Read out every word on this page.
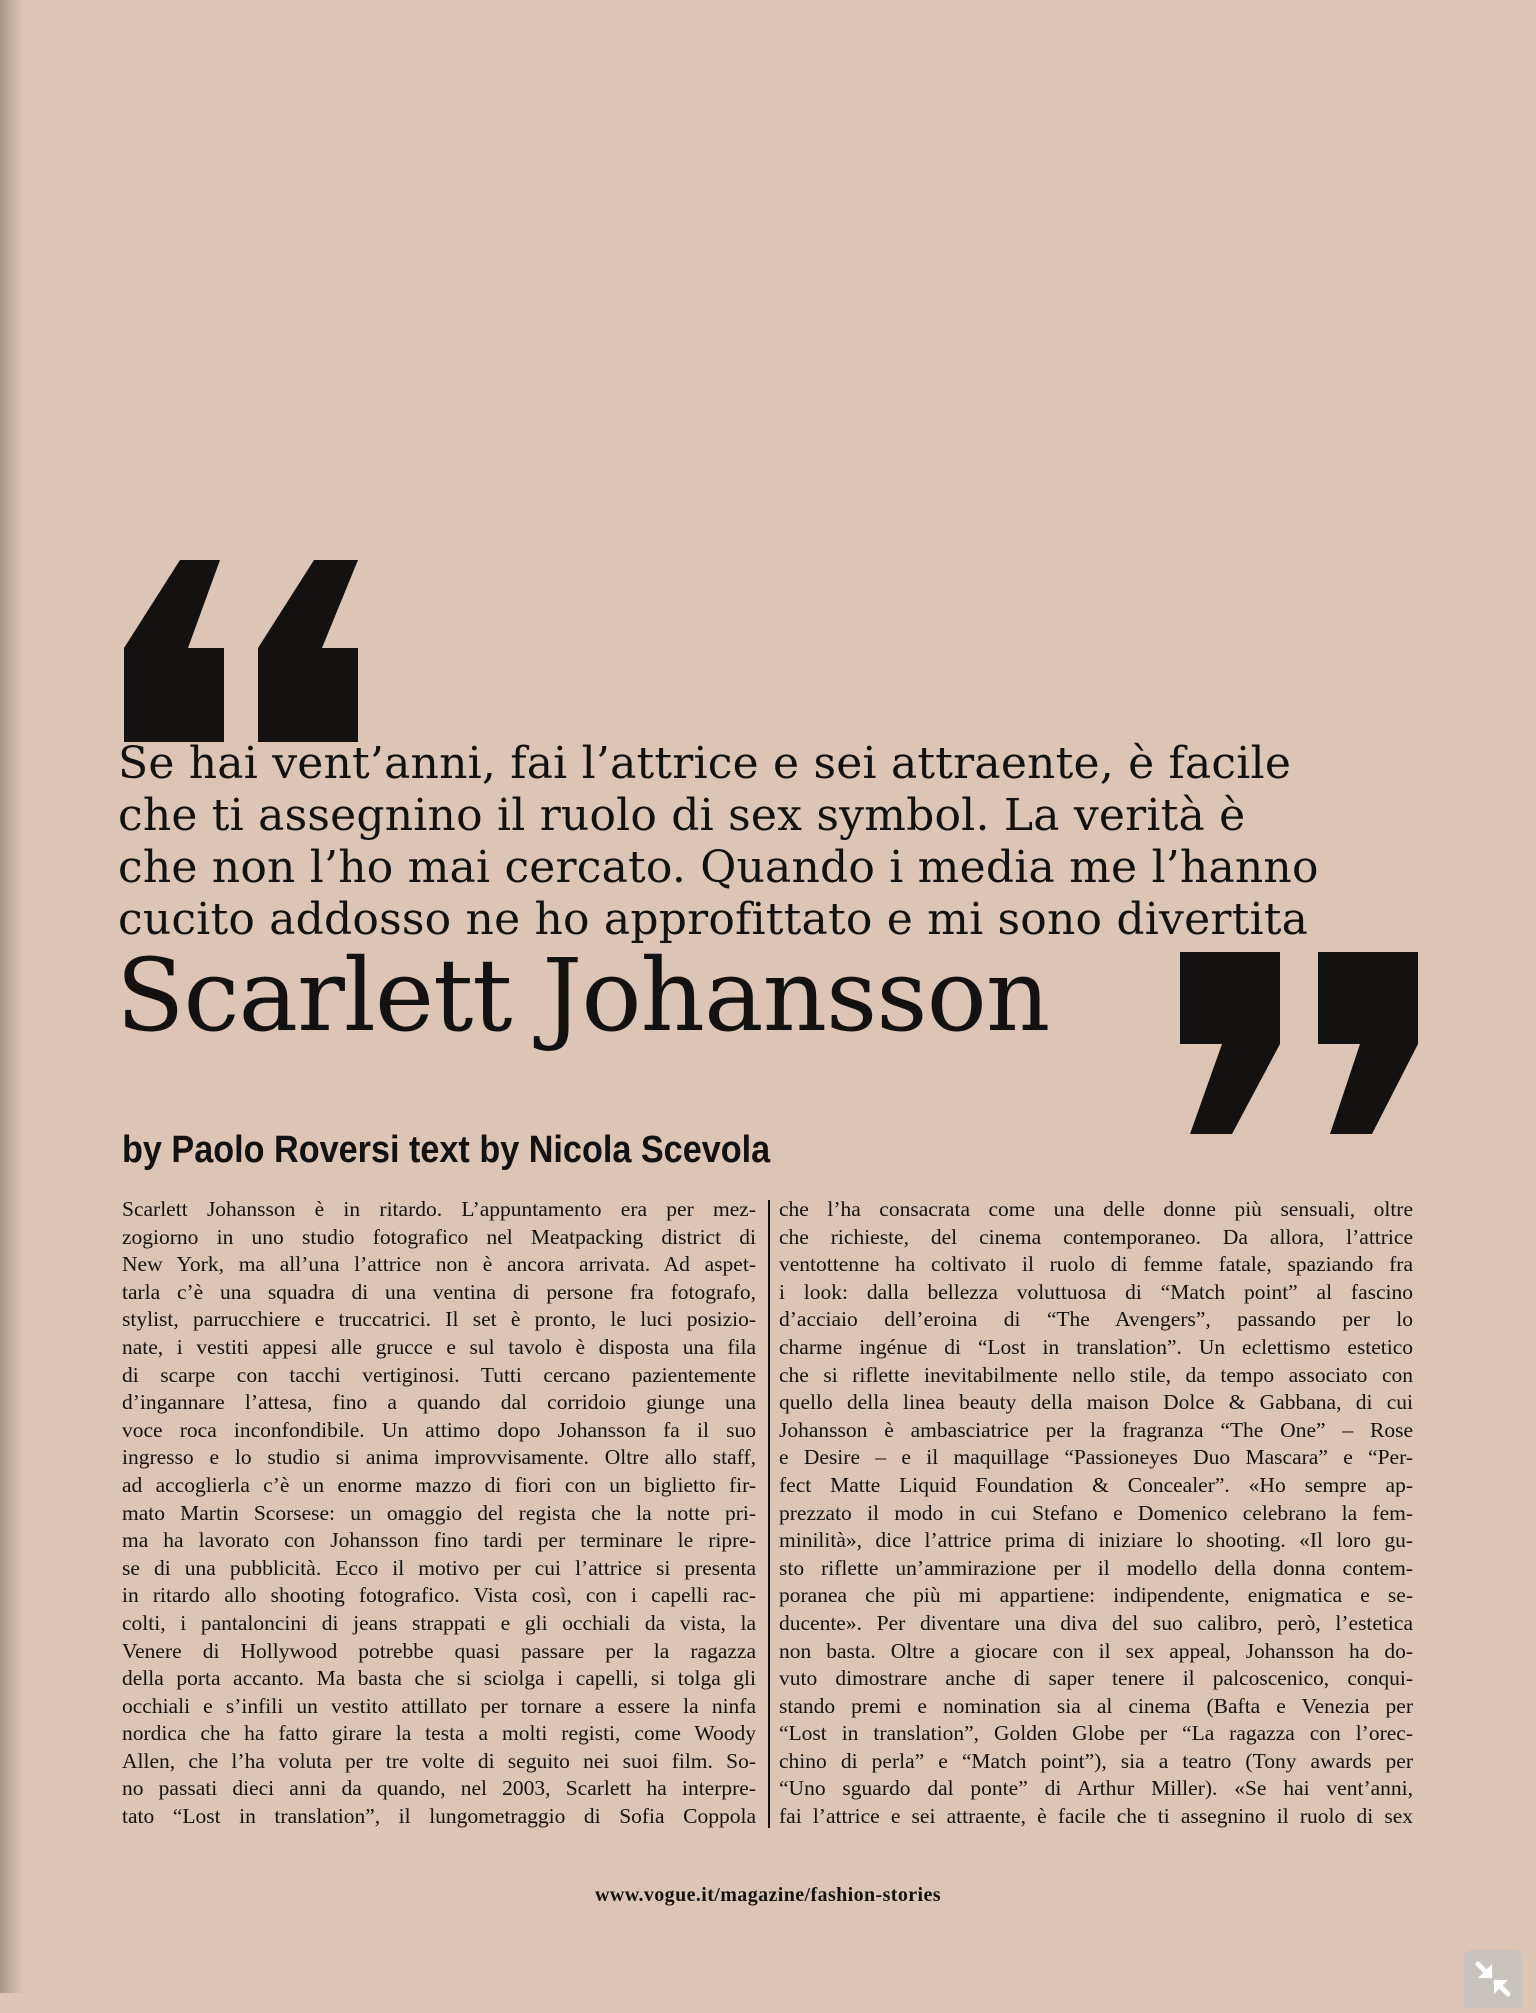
Se hai vent’anni, fai l’attrice e sei attraente, è facile
che ti assegnino il ruolo di sex symbol. La verità è
che non l’ho mai cercato. Quando i media me l’hanno
cucito addosso ne ho approfittato e mi sono divertita
Scarlett Johansson
by Paolo Roversi text by Nicola Scevola
Scarlett Johansson è in ritardo. L’appuntamento era per mez-
zogiorno in uno studio fotografico nel Meatpacking district di
New York, ma all’una l’attrice non è ancora arrivata. Ad aspet-
tarla c’è una squadra di una ventina di persone fra fotografo,
stylist, parrucchiere e truccatrici. Il set è pronto, le luci posizio-
nate, i vestiti appesi alle grucce e sul tavolo è disposta una fila
di scarpe con tacchi vertiginosi. Tutti cercano pazientemente
d’ingannare l’attesa, fino a quando dal corridoio giunge una
voce roca inconfondibile. Un attimo dopo Johansson fa il suo
ingresso e lo studio si anima improvvisamente. Oltre allo staff,
ad accoglierla c’è un enorme mazzo di fiori con un biglietto fir-
mato Martin Scorsese: un omaggio del regista che la notte pri-
ma ha lavorato con Johansson fino tardi per terminare le ripre-
se di una pubblicità. Ecco il motivo per cui l’attrice si presenta
in ritardo allo shooting fotografico. Vista così, con i capelli rac-
colti, i pantaloncini di jeans strappati e gli occhiali da vista, la
Venere di Hollywood potrebbe quasi passare per la ragazza
della porta accanto. Ma basta che si sciolga i capelli, si tolga gli
occhiali e s’infili un vestito attillato per tornare a essere la ninfa
nordica che ha fatto girare la testa a molti registi, come Woody
Allen, che l’ha voluta per tre volte di seguito nei suoi film. So-
no passati dieci anni da quando, nel 2003, Scarlett ha interpre-
tato “Lost in translation”, il lungometraggio di Sofia Coppola
che l’ha consacrata come una delle donne più sensuali, oltre
che richieste, del cinema contemporaneo. Da allora, l’attrice
ventottenne ha coltivato il ruolo di femme fatale, spaziando fra
i look: dalla bellezza voluttuosa di “Match point” al fascino
d’acciaio dell’eroina di “The Avengers”, passando per lo
charme ingénue di “Lost in translation”. Un eclettismo estetico
che si riflette inevitabilmente nello stile, da tempo associato con
quello della linea beauty della maison Dolce & Gabbana, di cui
Johansson è ambasciatrice per la fragranza “The One” – Rose
e Desire – e il maquillage “Passioneyes Duo Mascara” e “Per-
fect Matte Liquid Foundation & Concealer”. «Ho sempre ap-
prezzato il modo in cui Stefano e Domenico celebrano la fem-
minilità», dice l’attrice prima di iniziare lo shooting. «Il loro gu-
sto riflette un’ammirazione per il modello della donna contem-
poranea che più mi appartiene: indipendente, enigmatica e se-
ducente». Per diventare una diva del suo calibro, però, l’estetica
non basta. Oltre a giocare con il sex appeal, Johansson ha do-
vuto dimostrare anche di saper tenere il palcoscenico, conqui-
stando premi e nomination sia al cinema (Bafta e Venezia per
“Lost in translation”, Golden Globe per “La ragazza con l’orec-
chino di perla” e “Match point”), sia a teatro (Tony awards per
“Uno sguardo dal ponte” di Arthur Miller). «Se hai vent’anni,
fai l’attrice e sei attraente, è facile che ti assegnino il ruolo di sex
www.vogue.it/magazine/fashion-stories
